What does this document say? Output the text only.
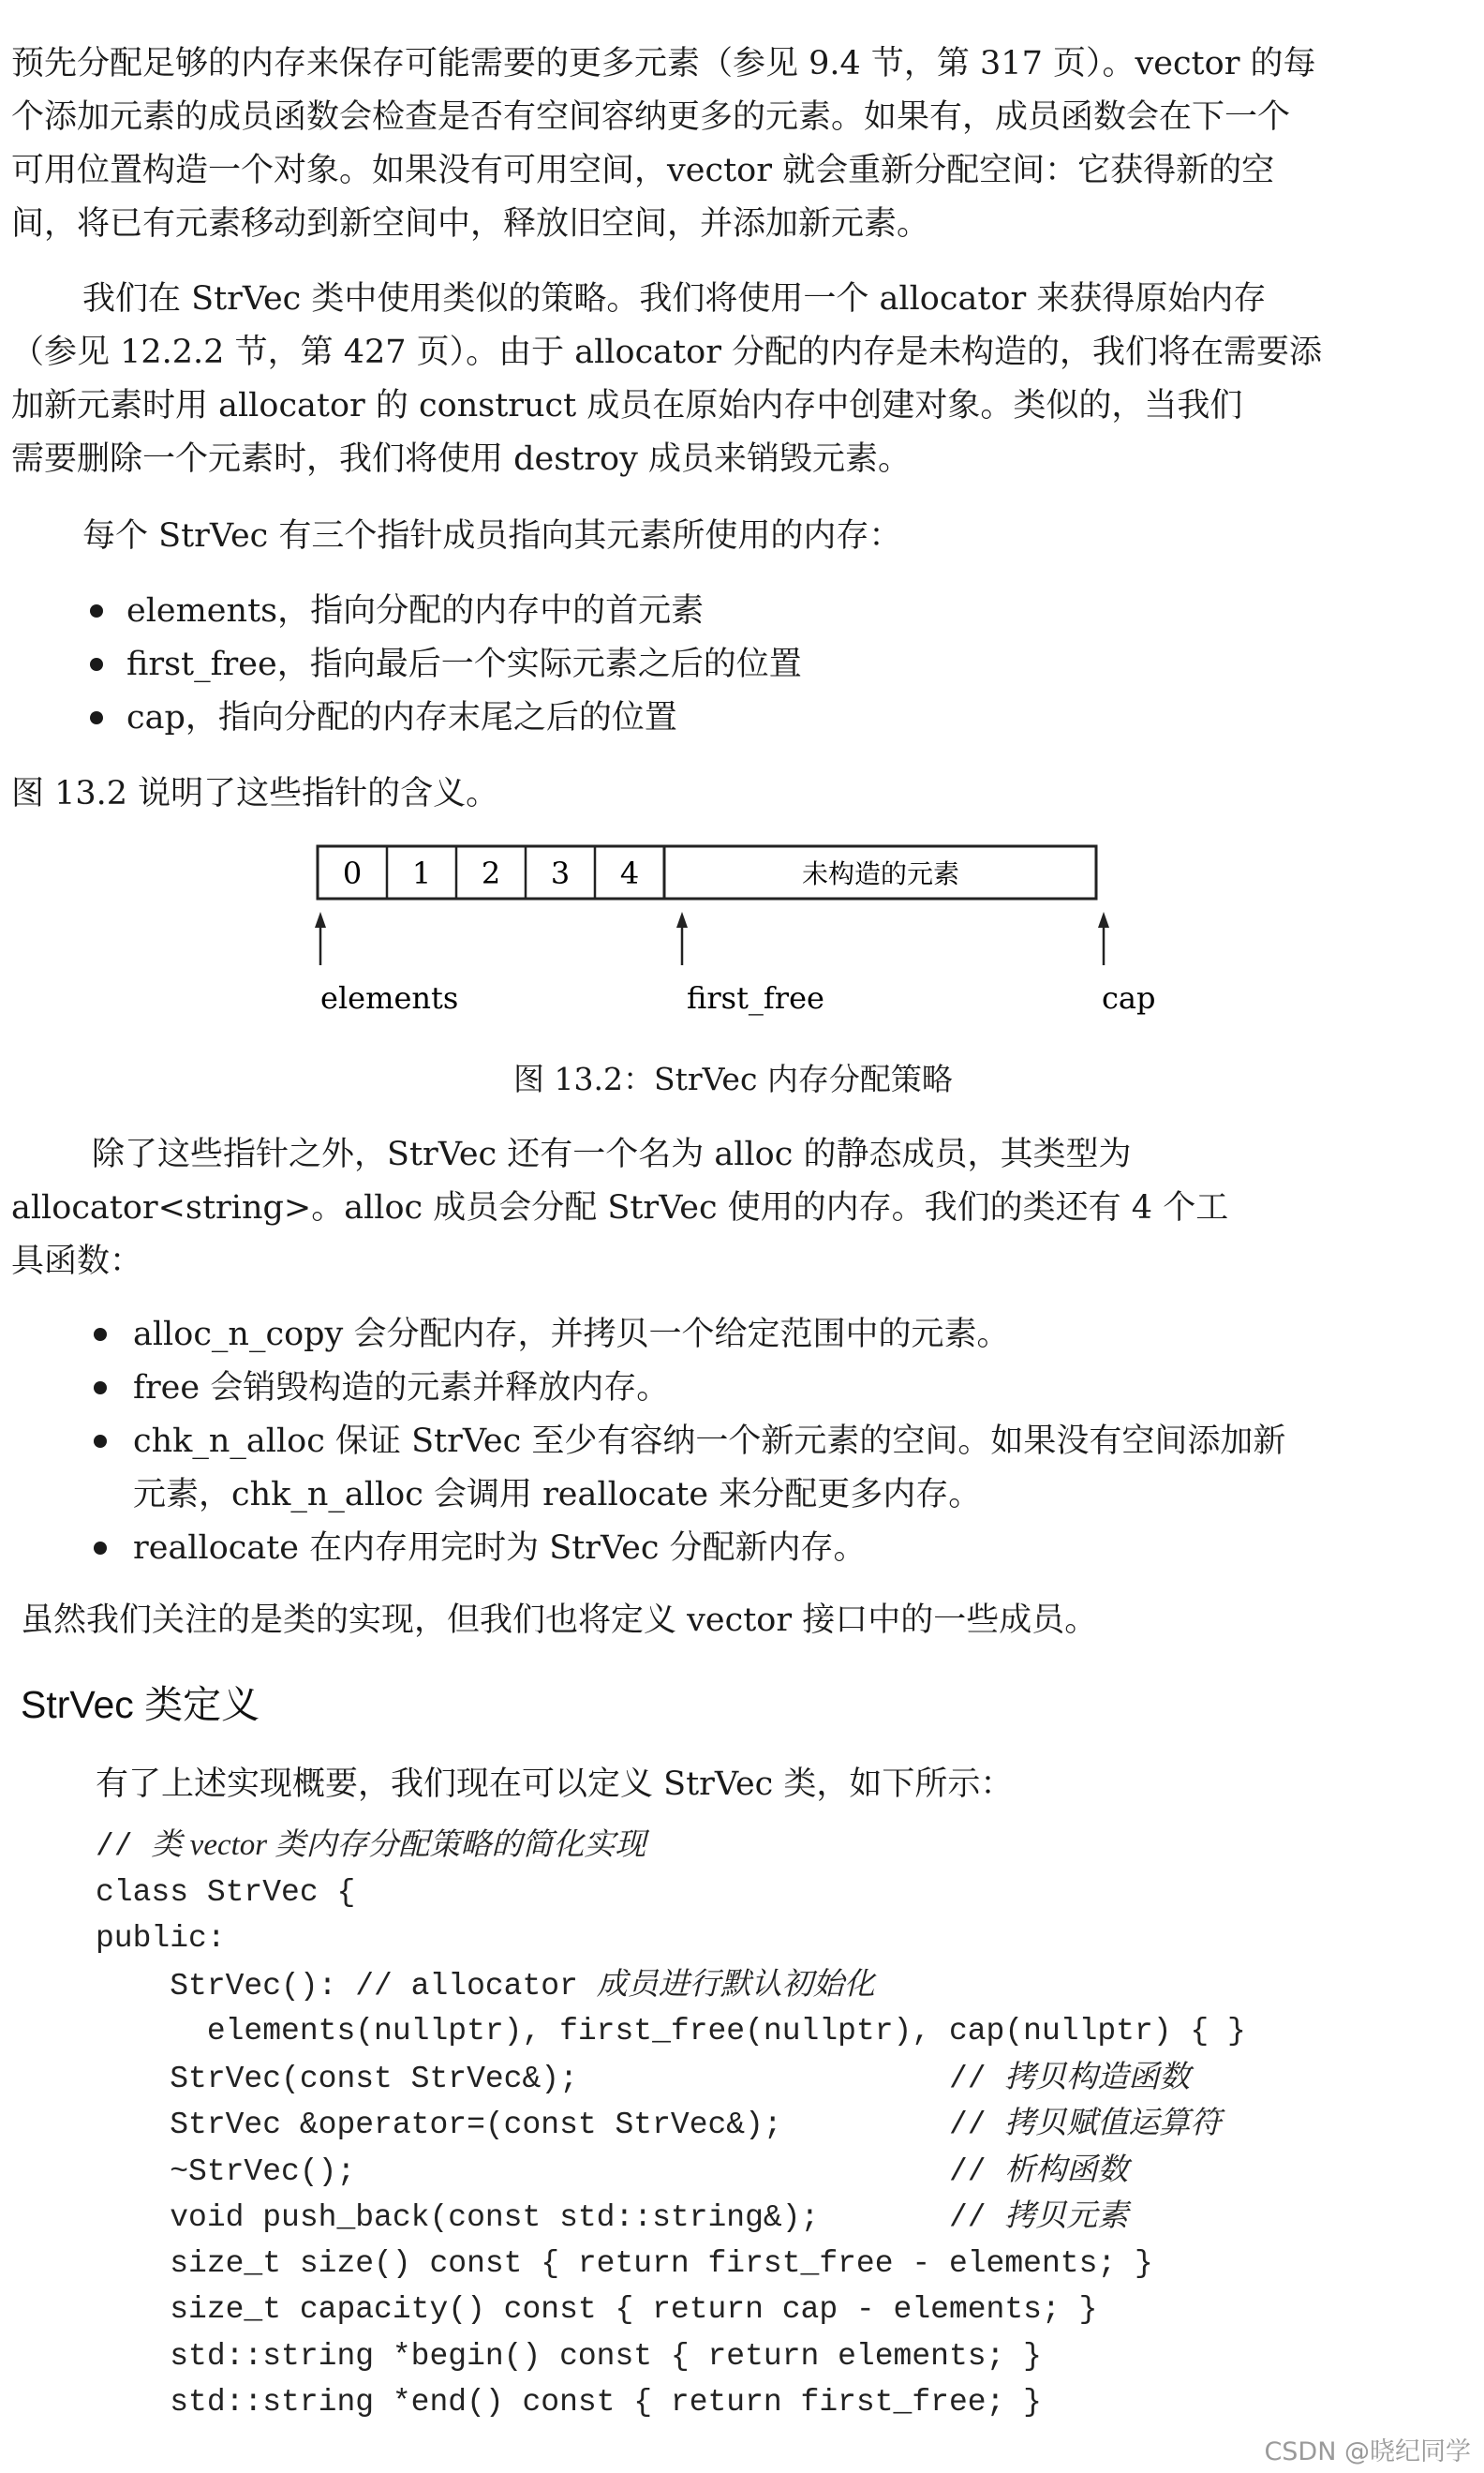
预先分配足够的内存来保存可能需要的更多元素（参见 9.4 节，第 317 页）。vector 的每
个添加元素的成员函数会检查是否有空间容纳更多的元素。如果有，成员函数会在下一个
可用位置构造一个对象。如果没有可用空间，vector 就会重新分配空间：它获得新的空
间，将已有元素移动到新空间中，释放旧空间，并添加新元素。
我们在 StrVec 类中使用类似的策略。我们将使用一个 allocator 来获得原始内存
（参见 12.2.2 节，第 427 页）。由于 allocator 分配的内存是未构造的，我们将在需要添
加新元素时用 allocator 的 construct 成员在原始内存中创建对象。类似的，当我们
需要删除一个元素时，我们将使用 destroy 成员来销毁元素。
每个 StrVec 有三个指针成员指向其元素所使用的内存：
elements，指向分配的内存中的首元素
first_free，指向最后一个实际元素之后的位置
cap，指向分配的内存末尾之后的位置
图 13.2 说明了这些指针的含义。
0 1 2 3 4	未构造的元素
elements	first_free	cap
图 13.2：StrVec 内存分配策略
除了这些指针之外，StrVec 还有一个名为 alloc 的静态成员，其类型为
allocator<string>。alloc 成员会分配 StrVec 使用的内存。我们的类还有 4 个工
具函数：
alloc_n_copy 会分配内存，并拷贝一个给定范围中的元素。
free 会销毁构造的元素并释放内存。
chk_n_alloc 保证 StrVec 至少有容纳一个新元素的空间。如果没有空间添加新
元素，chk_n_alloc 会调用 reallocate 来分配更多内存。
reallocate 在内存用完时为 StrVec 分配新内存。
虽然我们关注的是类的实现，但我们也将定义 vector 接口中的一些成员。
StrVec 类定义
有了上述实现概要，我们现在可以定义 StrVec 类，如下所示：
// 类 vector 类内存分配策略的简化实现
class StrVec {
public:
StrVec(): // allocator 成员进行默认初始化
elements(nullptr), first_free(nullptr), cap(nullptr) { }
StrVec(const StrVec&);                    // 拷贝构造函数
StrVec &operator=(const StrVec&);         // 拷贝赋值运算符
~StrVec();                                // 析构函数
void push_back(const std::string&);       // 拷贝元素
size_t size() const { return first_free - elements; }
size_t capacity() const { return cap - elements; }
std::string *begin() const { return elements; }
std::string *end() const { return first_free; }
CSDN @晓纪同学
